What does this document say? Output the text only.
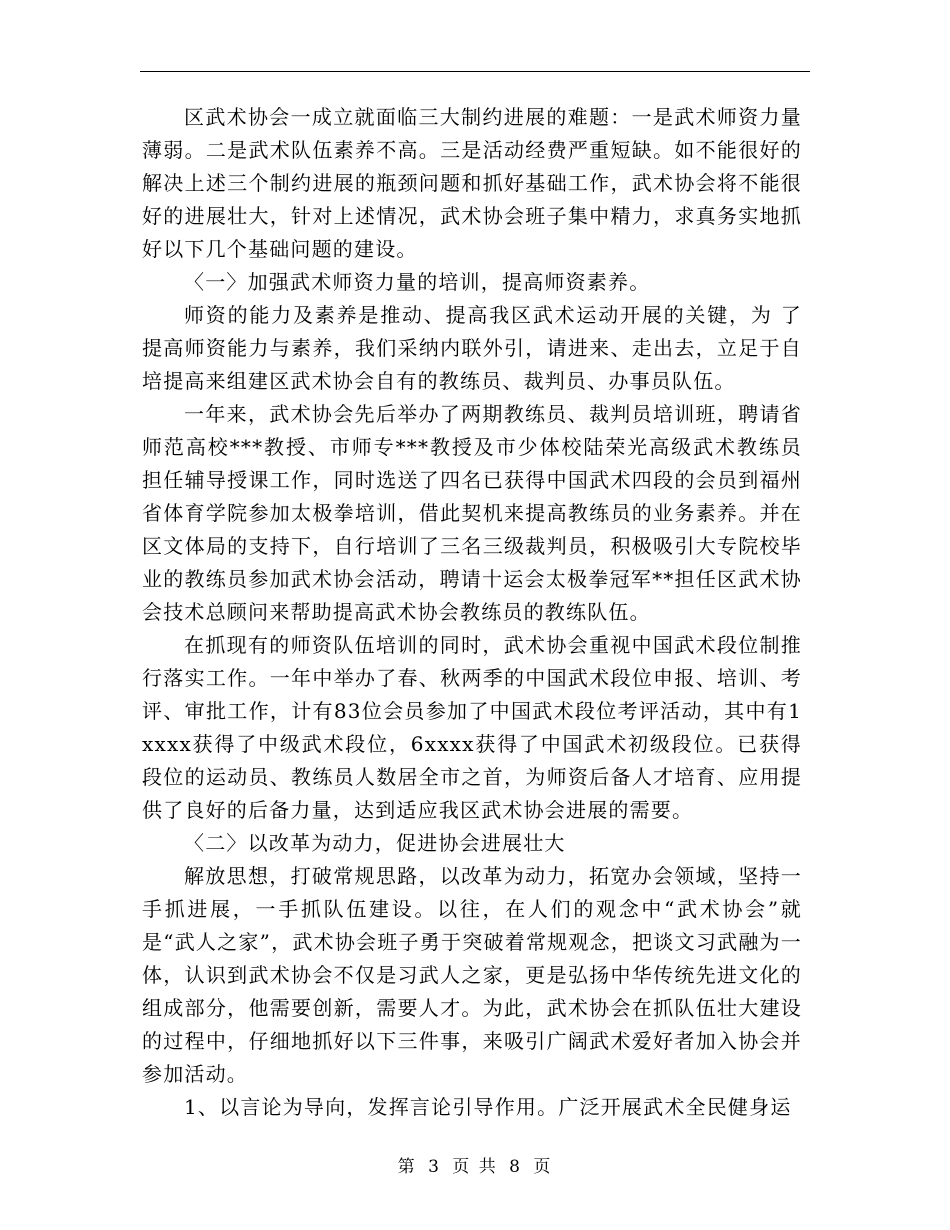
区武术协会一成立就面临三大制约进展的难题：一是武术师资力量薄弱。二是武术队伍素养不高。三是活动经费严重短缺。如不能很好的解决上述三个制约进展的瓶颈问题和抓好基础工作，武术协会将不能很好的进展壮大，针对上述情况，武术协会班子集中精力，求真务实地抓好以下几个基础问题的建设。

〈一〉加强武术师资力量的培训，提高师资素养。

师资的能力及素养是推动、提高我区武术运动开展的关键，为 了提高师资能力与素养，我们采纳内联外引，请进来、走出去，立足于自培提高来组建区武术协会自有的教练员、裁判员、办事员队伍。

一年来，武术协会先后举办了两期教练员、裁判员培训班，聘请省师范高校***教授、市师专***教授及市少体校陆荣光高级武术教练员担任辅导授课工作，同时选送了四名已获得中国武术四段的会员到福州省体育学院参加太极拳培训，借此契机来提高教练员的业务素养。并在区文体局的支持下，自行培训了三名三级裁判员，积极吸引大专院校毕业的教练员参加武术协会活动，聘请十运会太极拳冠军**担任区武术协会技术总顾问来帮助提高武术协会教练员的教练队伍。

在抓现有的师资队伍培训的同时，武术协会重视中国武术段位制推行落实工作。一年中举办了春、秋两季的中国武术段位申报、培训、考评、审批工作，计有83位会员参加了中国武术段位考评活动，其中有1xxxx获得了中级武术段位，6xxxx获得了中国武术初级段位。已获得段位的运动员、教练员人数居全市之首，为师资后备人才培育、应用提供了良好的后备力量，达到适应我区武术协会进展的需要。

〈二〉以改革为动力，促进协会进展壮大

解放思想，打破常规思路，以改革为动力，拓宽办会领域，坚持一手抓进展，一手抓队伍建设。以往，在人们的观念中“武术协会”就是“武人之家”，武术协会班子勇于突破着常规观念，把谈文习武融为一体，认识到武术协会不仅是习武人之家，更是弘扬中华传统先进文化的组成部分，他需要创新，需要人才。为此，武术协会在抓队伍壮大建设的过程中，仔细地抓好以下三件事，来吸引广阔武术爱好者加入协会并参加活动。

1、以言论为导向，发挥言论引导作用。广泛开展武术全民健身运

第 3 页 共 8 页
